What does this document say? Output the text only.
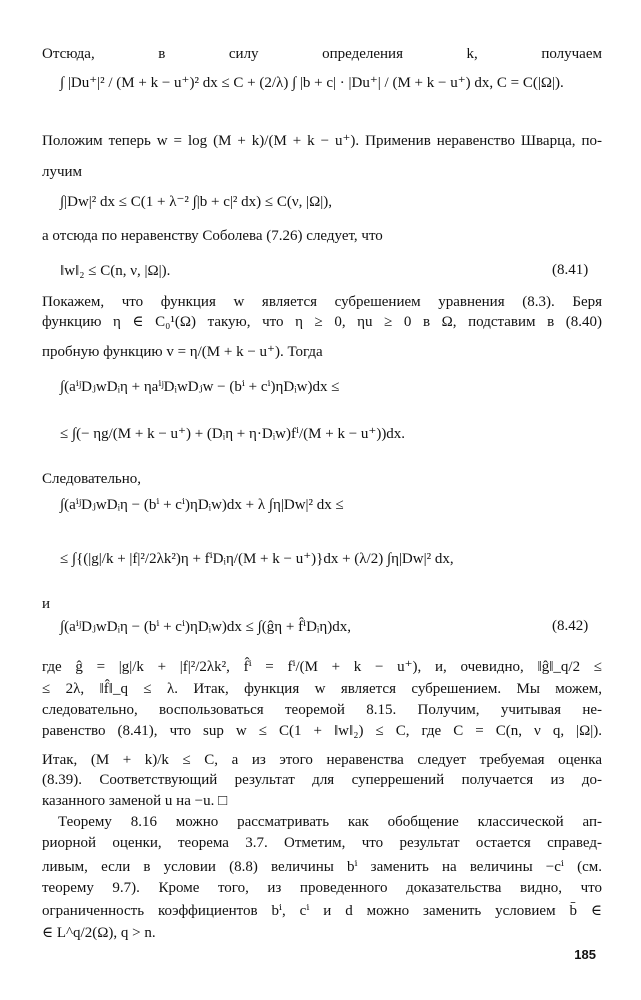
Отсюда, в силу определения k, получаем
∫ |Du⁺|² / (M + k − u⁺)² dx ≤ C + (2/λ) ∫ |b + c| · |Du⁺| / (M + k − u⁺) dx, C = C(|Ω|).
Положим теперь w = log (M + k)/(M + k − u⁺). Применив неравенство Шварца, по-
лучим
∫|Dw|² dx ≤ C(1 + λ⁻² ∫|b + c|² dx) ≤ C(ν, |Ω|),
а отсюда по неравенству Соболева (7.26) следует, что
‖w‖₂ ≤ C(n, ν, |Ω|).	(8.41)
Покажем, что функция w является субрешением уравнения (8.3). Беря
функцию η ∈ C₀¹(Ω) такую, что η ≥ 0, ηu ≥ 0 в Ω, подставим в (8.40)
пробную функцию v = η/(M + k − u⁺). Тогда
∫(aⁱʲDⱼwDᵢη + ηaⁱʲDᵢwDⱼw − (bⁱ + cⁱ)ηDᵢw)dx ≤
≤ ∫(− ηg/(M + k − u⁺) + (Dᵢη + η·Dᵢw)fⁱ/(M + k − u⁺))dx.
Следовательно,
∫(aⁱʲDⱼwDᵢη − (bⁱ + cⁱ)ηDᵢw)dx + λ ∫η|Dw|² dx ≤
≤ ∫{(|g|/k + |f|²/2λk²)η + fⁱDᵢη/(M + k − u⁺)}dx + (λ/2) ∫η|Dw|² dx,
и
∫(aⁱʲDⱼwDᵢη − (bⁱ + cⁱ)ηDᵢw)dx ≤ ∫(ĝη + f̂ⁱDᵢη)dx,	(8.42)
где ĝ = |g|/k + |f|²/2λk², f̂ⁱ = fⁱ/(M + k − u⁺), и, очевидно, ‖ĝ‖_q/2 ≤
≤ 2λ, ‖f̂‖_q ≤ λ. Итак, функция w является субрешением. Мы можем,
следовательно, воспользоваться теоремой 8.15. Получим, учитывая не-
равенство (8.41), что sup w ≤ C(1 + ‖w‖₂) ≤ C, где C = C(n, ν q, |Ω|).
Итак, (M + k)/k ≤ C, а из этого неравенства следует требуемая оценка
(8.39). Соответствующий результат для суперрешений получается из до-
казанного заменой u на −u. □
Теорему 8.16 можно рассматривать как обобщение классической ап-
риорной оценки, теорема 3.7. Отметим, что результат остается справед-
ливым, если в условии (8.8) величины bⁱ заменить на величины −cⁱ (см.
теорему 9.7). Кроме того, из проведенного доказательства видно, что
ограниченность коэффициентов bⁱ, cⁱ и d можно заменить условием b̄ ∈
∈ L^q/2(Ω), q > n.
185
